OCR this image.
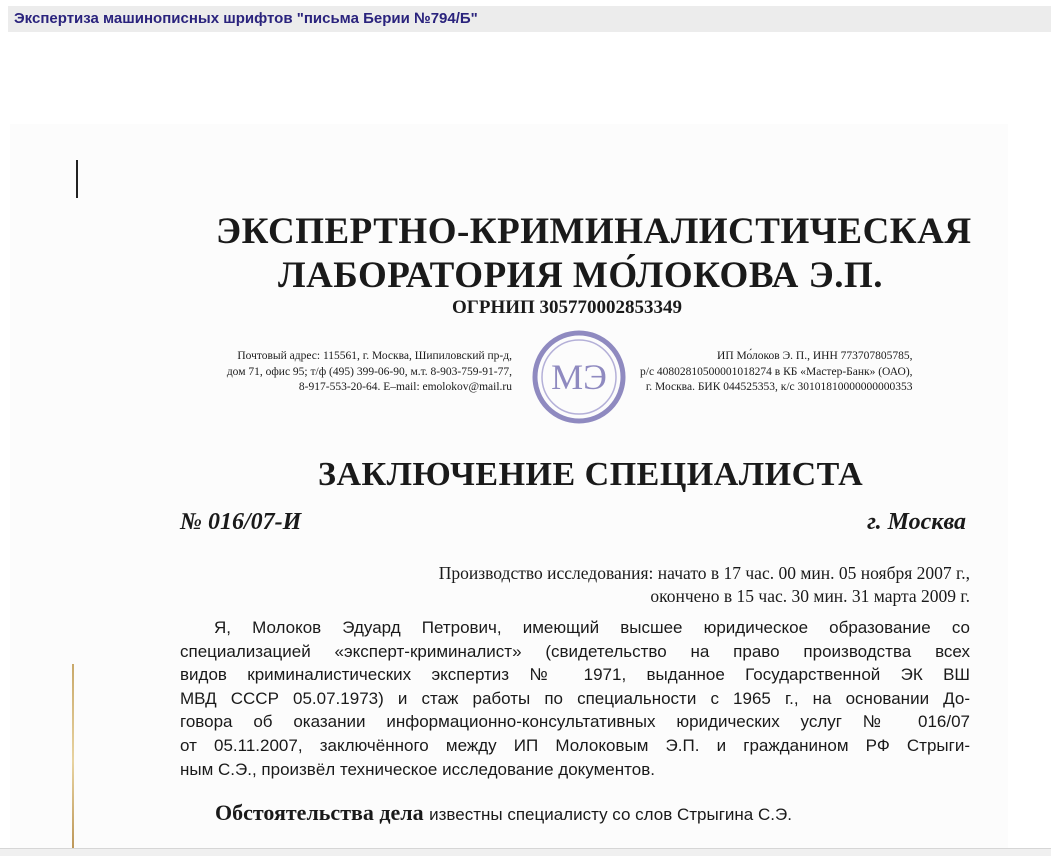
Экспертиза машинописных шрифтов "письма Берии №794/Б"
ЭКСПЕРТНО-КРИМИНАЛИСТИЧЕСКАЯ
ЛАБОРАТОРИЯ МО́ЛОКОВА Э.П.
ОГРНИП 305770002853349
Почтовый адрес: 115561, г. Москва, Шипиловский пр-д,
дом 71, офис 95; т/ф (495) 399-06-90, м.т. 8-903-759-91-77,
8-917-553-20-64. E–mail: emolokov@mail.ru МЭ
ИП Мо́локов Э. П., ИНН 773707805785,
р/с 40802810500001018274 в КБ «Мастер-Банк» (ОАО),
г. Москва. БИК 044525353, к/с 30101810000000000353
ЗАКЛЮЧЕНИЕ СПЕЦИАЛИСТА
№ 016/07-И	г. Москва
Производство исследования: начато в 17 час. 00 мин. 05 ноября 2007 г.,
окончено в 15 час. 30 мин. 31 марта 2009 г.
Я, Молоков Эдуард Петрович, имеющий высшее юридическое образование со
специализацией «эксперт-криминалист» (свидетельство на право производства всех
видов криминалистических экспертиз № 1971, выданное Государственной ЭК ВШ
МВД СССР 05.07.1973) и стаж работы по специальности с 1965 г., на основании До-
говора об оказании информационно-консультативных юридических услуг № 016/07
от 05.11.2007, заключённого между ИП Молоковым Э.П. и гражданином РФ Стрыги-
ным С.Э., произвёл техническое исследование документов.
Обстоятельства дела известны специалисту со слов Стрыгина С.Э.
